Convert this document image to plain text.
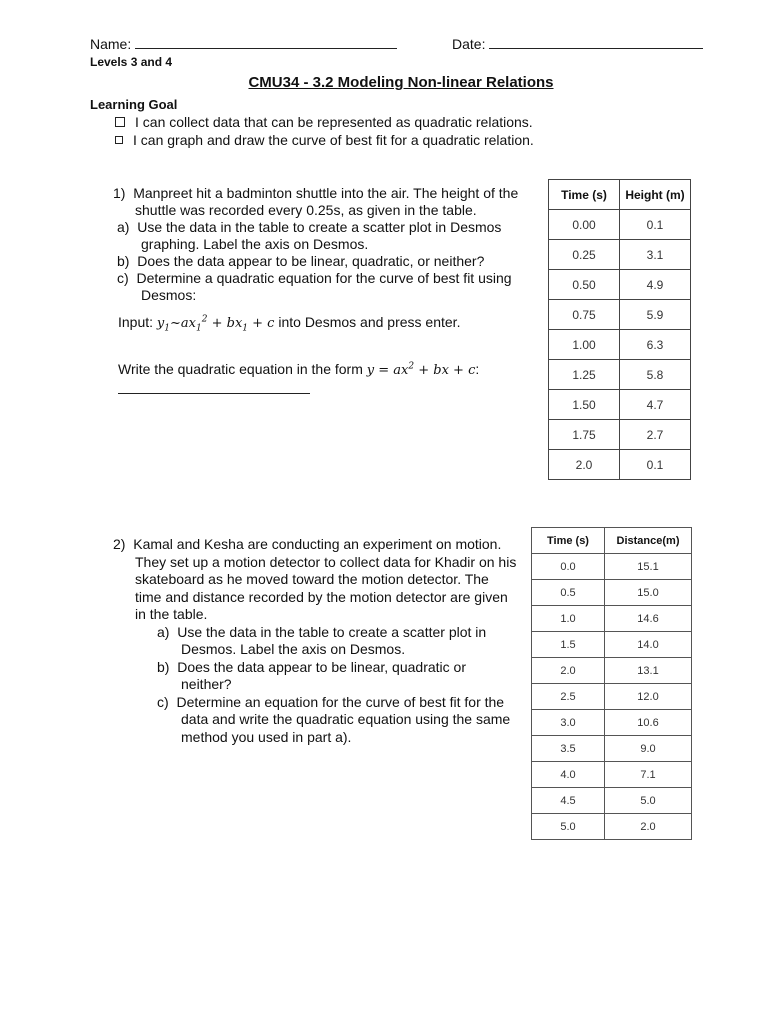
Name:	Date:
Levels 3 and 4
CMU34 - 3.2 Modeling Non-linear Relations
Learning Goal
I can collect data that can be represented as quadratic relations.
I can graph and draw the curve of best fit for a quadratic relation.

1) Manpreet hit a badminton shuttle into the air. The height of the

shuttle was recorded every 0.25s, as given in the table.

a) Use the data in the table to create a scatter plot in Desmos

graphing. Label the axis on Desmos.

b) Does the data appear to be linear, quadratic, or neither?

c) Determine a quadratic equation for the curve of best fit using

Desmos:

Input: $y_1\sim ax_1^2 + bx_1 + c$ into Desmos and press enter.
Write the quadratic equation in the form $y = ax^2$ + bx + c:
Time (s)	Height (m)
0.00	0.1
0.25	3.1
0.50	4.9
0.75	5.9
1.00	6.3
1.25	5.8
1.50	4.7
1.75	2.7
2.0	0.1

2) Kamal and Kesha are conducting an experiment on motion.

They set up a motion detector to collect data for Khadir on his

skateboard as he moved toward the motion detector. The

time and distance recorded by the motion detector are given

in the table.

a) Use the data in the table to create a scatter plot in

Desmos. Label the axis on Desmos.

b) Does the data appear to be linear, quadratic or

neither?

c) Determine an equation for the curve of best fit for the

data and write the quadratic equation using the same

method you used in part a).

Time (s)	Distance(m)
0.0	15.1
0.5	15.0
1.0	14.6
1.5	14.0
2.0	13.1
2.5	12.0
3.0	10.6
3.5	9.0
4.0	7.1
4.5	5.0
5.0	2.0
